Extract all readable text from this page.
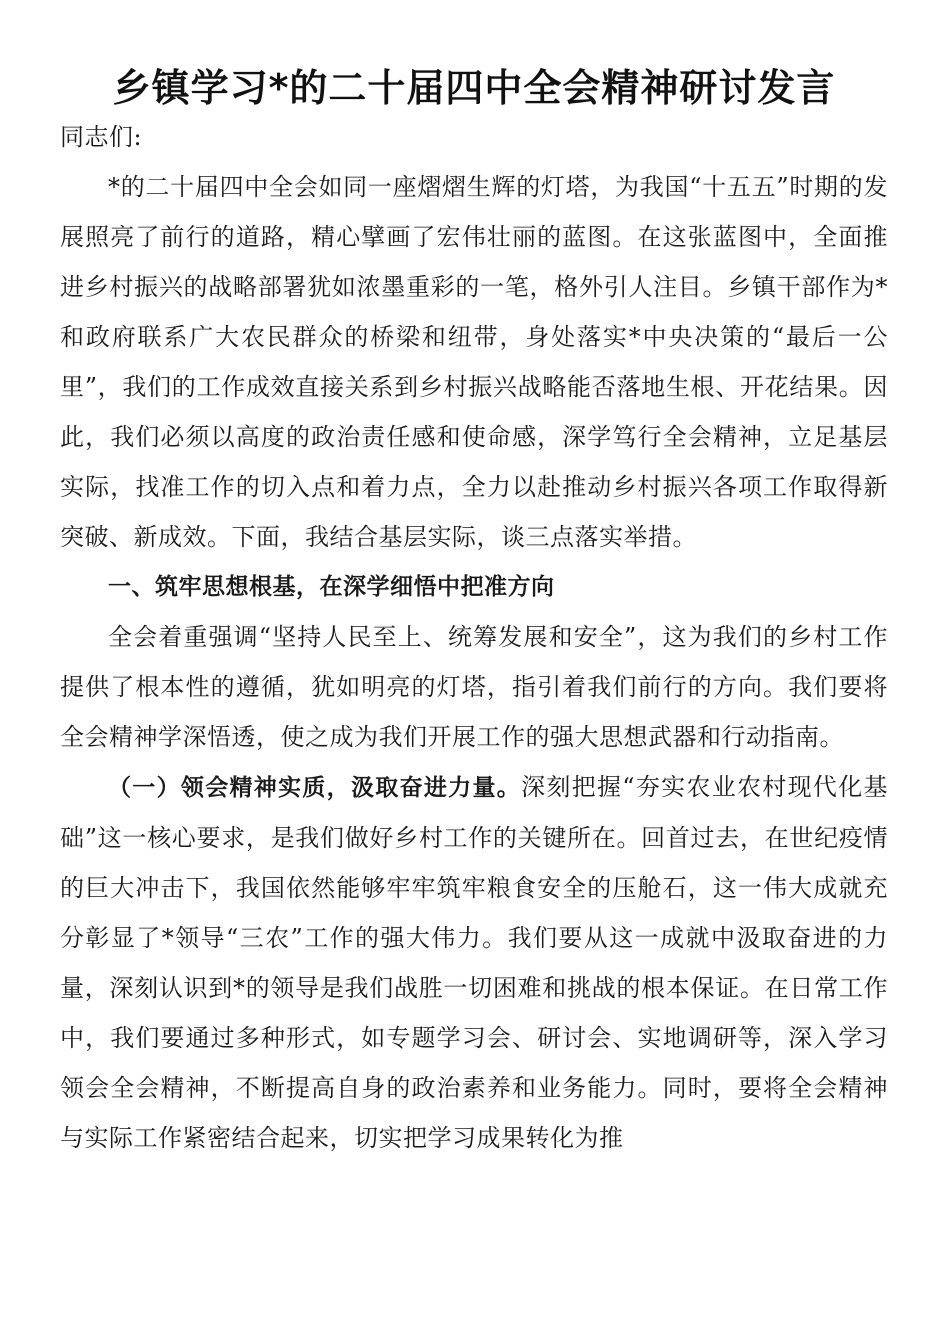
乡镇学习*的二十届四中全会精神研讨发言

同志们:

*的二十届四中全会如同一座熠熠生辉的灯塔，为我国“十五五”时期的发展照亮了前行的道路，精心擘画了宏伟壮丽的蓝图。在这张蓝图中，全面推进乡村振兴的战略部署犹如浓墨重彩的一笔，格外引人注目。乡镇干部作为*和政府联系广大农民群众的桥梁和纽带，身处落实*中央决策的“最后一公里”，我们的工作成效直接关系到乡村振兴战略能否落地生根、开花结果。因此，我们必须以高度的政治责任感和使命感，深学笃行全会精神，立足基层实际，找准工作的切入点和着力点，全力以赴推动乡村振兴各项工作取得新突破、新成效。下面，我结合基层实际，谈三点落实举措。

一、筑牢思想根基，在深学细悟中把准方向

全会着重强调“坚持人民至上、统筹发展和安全”，这为我们的乡村工作提供了根本性的遵循，犹如明亮的灯塔，指引着我们前行的方向。我们要将全会精神学深悟透，使之成为我们开展工作的强大思想武器和行动指南。

（一）领会精神实质，汲取奋进力量。深刻把握“夯实农业农村现代化基础”这一核心要求，是我们做好乡村工作的关键所在。回首过去，在世纪疫情的巨大冲击下，我国依然能够牢牢筑牢粮食安全的压舱石，这一伟大成就充分彰显了*领导“三农”工作的强大伟力。我们要从这一成就中汲取奋进的力量，深刻认识到*的领导是我们战胜一切困难和挑战的根本保证。在日常工作中，我们要通过多种形式，如专题学习会、研讨会、实地调研等，深入学习领会全会精神，不断提高自身的政治素养和业务能力。同时，要将全会精神与实际工作紧密结合起来，切实把学习成果转化为推
